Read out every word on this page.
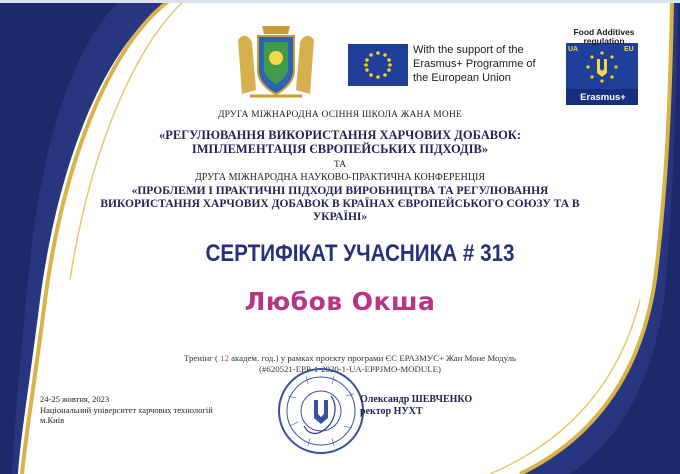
With the support of the Erasmus+ Programme of the European Union
Food Additives regulation
UA	EU
Erasmus+
ДРУГА МІЖНАРОДНА ОСІННЯ ШКОЛА ЖАНА МОНЕ
«РЕГУЛЮВАННЯ ВИКОРИСТАННЯ ХАРЧОВИХ ДОБАВОК: ІМПЛЕМЕНТАЦІЯ ЄВРОПЕЙСЬКИХ ПІДХОДІВ»
ТА
ДРУГА МІЖНАРОДНА НАУКОВО-ПРАКТИЧНА КОНФЕРЕНЦІЯ
«ПРОБЛЕМИ І ПРАКТИЧНІ ПІДХОДИ ВИРОБНИЦТВА ТА РЕГУЛЮВАННЯ ВИКОРИСТАННЯ ХАРЧОВИХ ДОБАВОК В КРАЇНАХ ЄВРОПЕЙСЬКОГО СОЮЗУ ТА В УКРАЇНІ»
СЕРТИФІКАТ УЧАСНИКА # 313
Любов Окша
Тренінг ( 12 академ. год.) у рамках проєкту програми ЄС ЕРАЗМУС+ Жан Моне Модуль
(#620521-EPP-1-2020-1-UA-EPPJMO-MODULE)
24-25 жовтня, 2023
Національний університет харчових технологій
м.Київ
Олександр ШЕВЧЕНКО
ректор НУХТ
